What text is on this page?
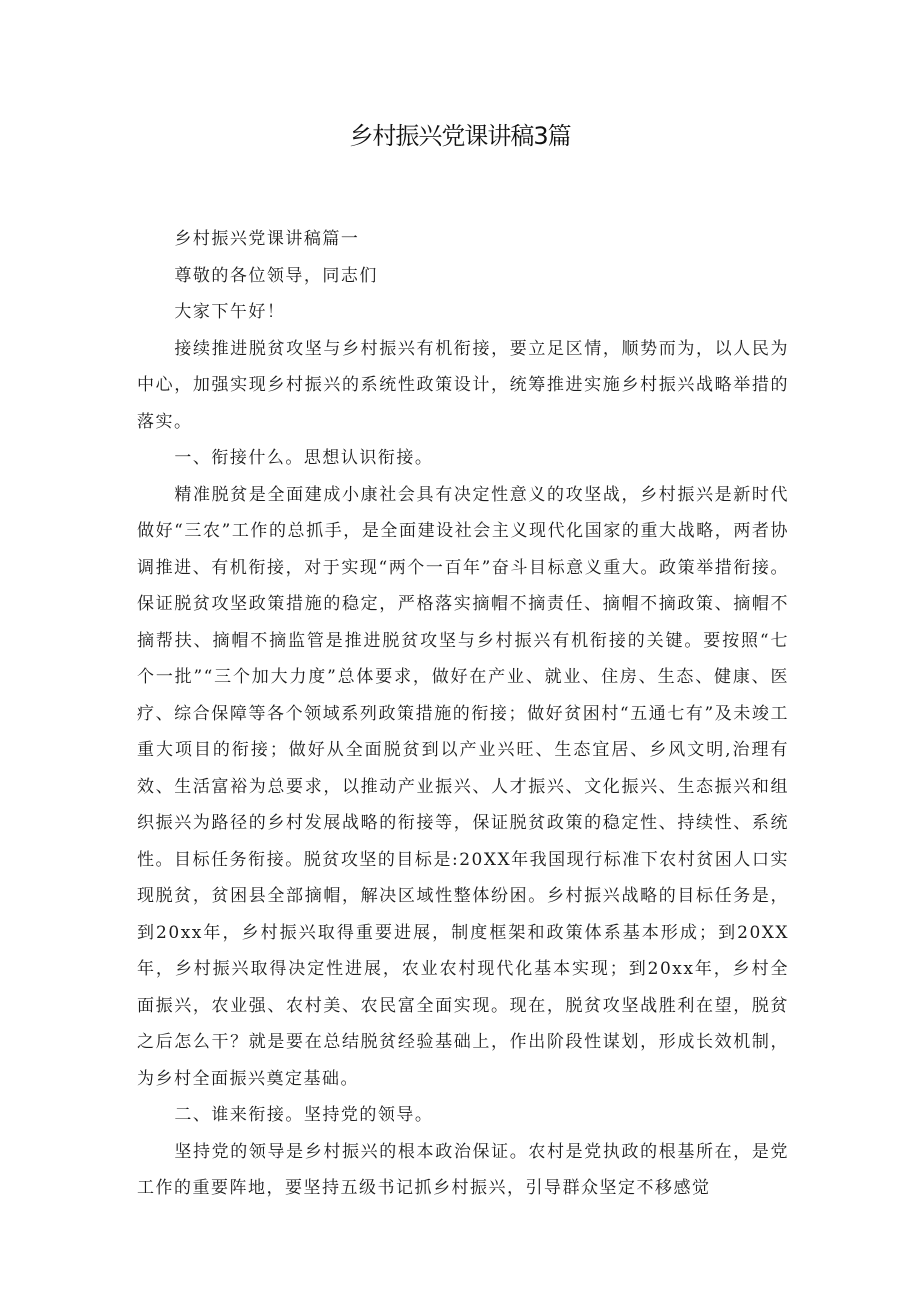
乡村振兴党课讲稿3篇

乡村振兴党课讲稿篇一

尊敬的各位领导，同志们

大家下午好！

接续推进脱贫攻坚与乡村振兴有机衔接，要立足区情，顺势而为，以人民为中心，加强实现乡村振兴的系统性政策设计，统筹推进实施乡村振兴战略举措的落实。

一、衔接什么。思想认识衔接。

精准脱贫是全面建成小康社会具有决定性意义的攻坚战，乡村振兴是新时代做好“三农”工作的总抓手，是全面建设社会主义现代化国家的重大战略，两者协调推进、有机衔接，对于实现“两个一百年”奋斗目标意义重大。政策举措衔接。保证脱贫攻坚政策措施的稳定，严格落实摘帽不摘责任、摘帽不摘政策、摘帽不摘帮扶、摘帽不摘监管是推进脱贫攻坚与乡村振兴有机衔接的关键。要按照“七个一批”“三个加大力度”总体要求，做好在产业、就业、住房、生态、健康、医疗、综合保障等各个领域系列政策措施的衔接；做好贫困村“五通七有”及未竣工重大项目的衔接；做好从全面脱贫到以产业兴旺、生态宜居、乡风文明,治理有效、生活富裕为总要求，以推动产业振兴、人才振兴、文化振兴、生态振兴和组织振兴为路径的乡村发展战略的衔接等，保证脱贫政策的稳定性、持续性、系统性。目标任务衔接。脱贫攻坚的目标是:20XX年我国现行标准下农村贫困人口实现脱贫，贫困县全部摘帽，解决区域性整体纷困。乡村振兴战略的目标任务是，到20xx年，乡村振兴取得重要进展，制度框架和政策体系基本形成；到20XX年，乡村振兴取得决定性进展，农业农村现代化基本实现；到20xx年，乡村全面振兴，农业强、农村美、农民富全面实现。现在，脱贫攻坚战胜利在望，脱贫之后怎么干？就是要在总结脱贫经验基础上，作出阶段性谋划，形成长效机制，为乡村全面振兴奠定基础。

二、谁来衔接。坚持党的领导。

坚持党的领导是乡村振兴的根本政治保证。农村是党执政的根基所在，是党工作的重要阵地，要坚持五级书记抓乡村振兴，引导群众坚定不移感觉
